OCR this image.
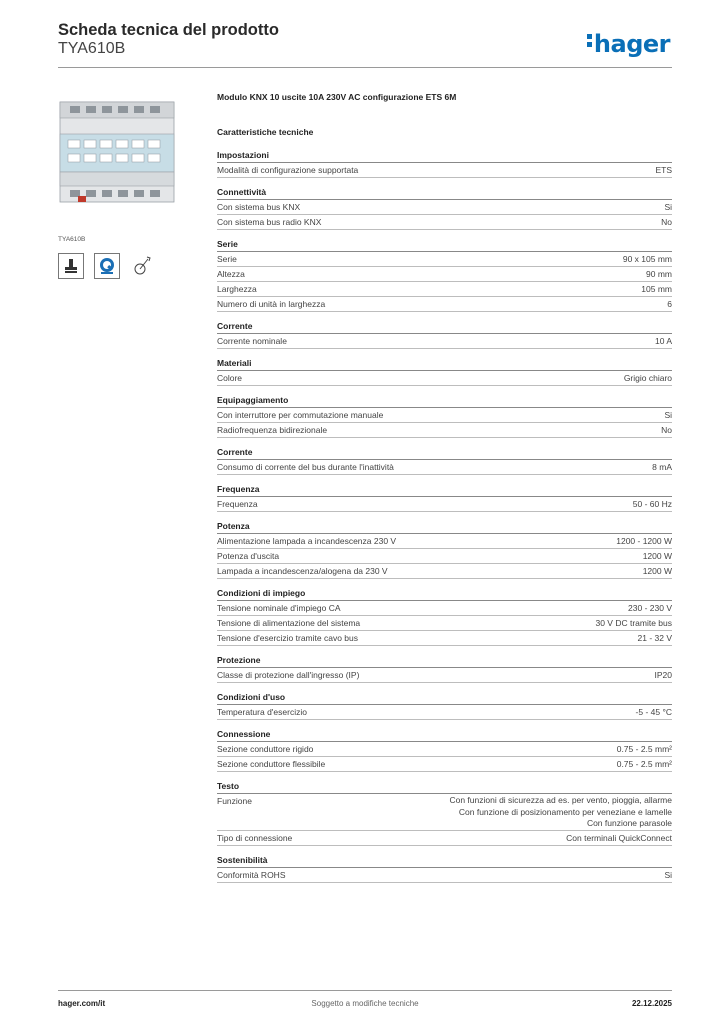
Scheda tecnica del prodotto
TYA610B	hager
TYA610B
Modulo KNX 10 uscite 10A 230V AC configurazione ETS 6M
Caratteristiche tecniche
Impostazioni
Modalità di configurazione supportata	ETS
Connettività
Con sistema bus KNX	Si
Con sistema bus radio KNX	No
Serie
Serie	90 x 105 mm
Altezza	90 mm
Larghezza	105 mm
Numero di unità in larghezza	6
Corrente
Corrente nominale	10 A
Materiali
Colore	Grigio chiaro
Equipaggiamento
Con interruttore per commutazione manuale	Si
Radiofrequenza bidirezionale	No
Corrente
Consumo di corrente del bus durante l'inattività	8 mA
Frequenza
Frequenza	50 - 60 Hz
Potenza
Alimentazione lampada a incandescenza 230 V	1200 - 1200 W
Potenza d'uscita	1200 W
Lampada a incandescenza/alogena da 230 V	1200 W
Condizioni di impiego
Tensione nominale d'impiego CA	230 - 230 V
Tensione di alimentazione del sistema	30 V DC tramite bus
Tensione d'esercizio tramite cavo bus	21 - 32 V
Protezione
Classe di protezione dall'ingresso (IP)	IP20
Condizioni d'uso
Temperatura d'esercizio	-5 - 45 °C
Connessione
Sezione conduttore rigido	0.75 - 2.5 mm²
Sezione conduttore flessibile	0.75 - 2.5 mm²
Testo
Funzione	Con funzioni di sicurezza ad es. per vento, pioggia, allarme
Con funzione di posizionamento per veneziane e lamelle
Con funzione parasole
Tipo di connessione	Con terminali QuickConnect
Sostenibilità
Conformità ROHS	Si
hager.com/it	Soggetto a modifiche tecniche	22.12.2025
